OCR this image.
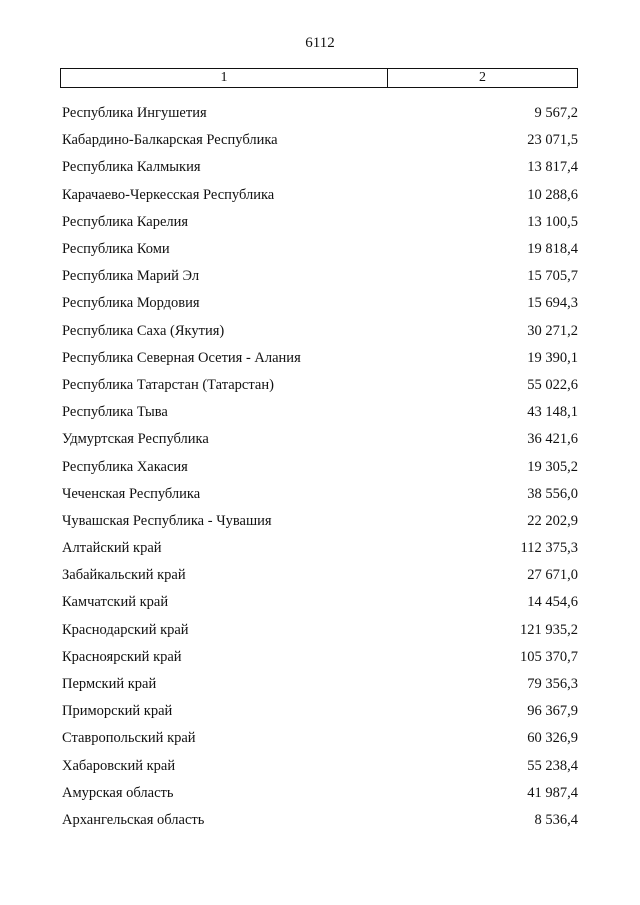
6112
1	2
Республика Ингушетия	9 567,2
Кабардино-Балкарская Республика	23 071,5
Республика Калмыкия	13 817,4
Карачаево-Черкесская Республика	10 288,6
Республика Карелия	13 100,5
Республика Коми	19 818,4
Республика Марий Эл	15 705,7
Республика Мордовия	15 694,3
Республика Саха (Якутия)	30 271,2
Республика Северная Осетия - Алания	19 390,1
Республика Татарстан (Татарстан)	55 022,6
Республика Тыва	43 148,1
Удмуртская Республика	36 421,6
Республика Хакасия	19 305,2
Чеченская Республика	38 556,0
Чувашская Республика - Чувашия	22 202,9
Алтайский край	112 375,3
Забайкальский край	27 671,0
Камчатский край	14 454,6
Краснодарский край	121 935,2
Красноярский край	105 370,7
Пермский край	79 356,3
Приморский край	96 367,9
Ставропольский край	60 326,9
Хабаровский край	55 238,4
Амурская область	41 987,4
Архангельская область	8 536,4
